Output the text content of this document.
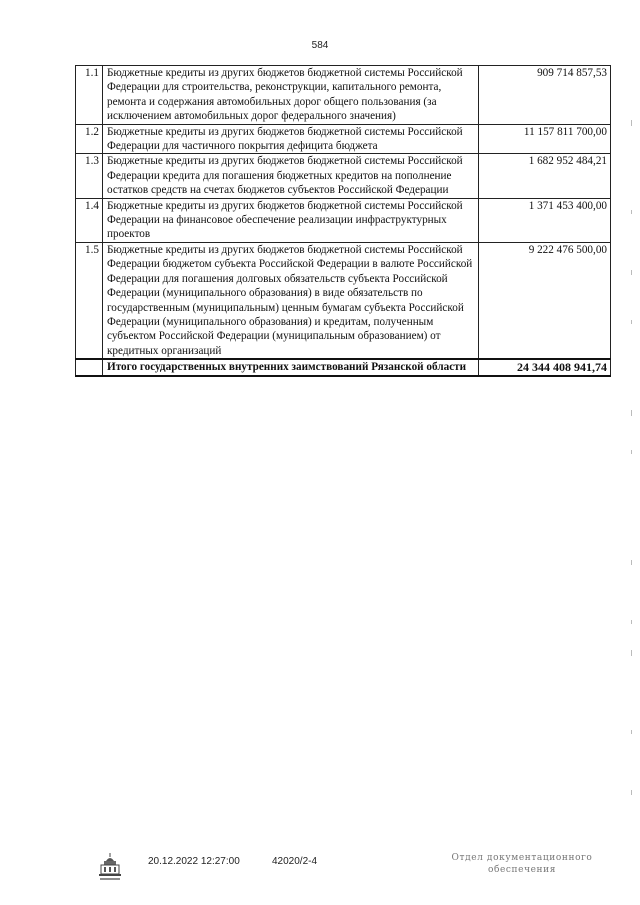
584
1.1	Бюджетные кредиты из других бюджетов бюджетной системы Российской Федерации для строительства, реконструкции, капитального ремонта, ремонта и содержания автомобильных дорог общего пользования (за исключением автомобильных дорог федерального значения)	909 714 857,53
1.2	Бюджетные кредиты из других бюджетов бюджетной системы Российской Федерации для частичного покрытия дефицита бюджета	11 157 811 700,00
1.3	Бюджетные кредиты из других бюджетов бюджетной системы Российской Федерации кредита для погашения бюджетных кредитов на пополнение остатков средств на счетах бюджетов субъектов Российской Федерации	1 682 952 484,21
1.4	Бюджетные кредиты из других бюджетов бюджетной системы Российской Федерации на финансовое обеспечение реализации инфраструктурных проектов	1 371 453 400,00
1.5	Бюджетные кредиты из других бюджетов бюджетной системы Российской Федерации бюджетом субъекта Российской Федерации в валюте Российской Федерации для погашения долговых обязательств субъекта Российской Федерации (муниципального образования) в виде обязательств по государственным (муниципальным) ценным бумагам субъекта Российской Федерации (муниципального образования) и кредитам, полученным субъектом Российской Федерации (муниципальным образованием) от кредитных организаций	9 222 476 500,00
	Итого государственных внутренних заимствований Рязанской области	24 344 408 941,74
20.12.2022 12:27:00	42020/2-4	Отдел документационного
обеспечения
